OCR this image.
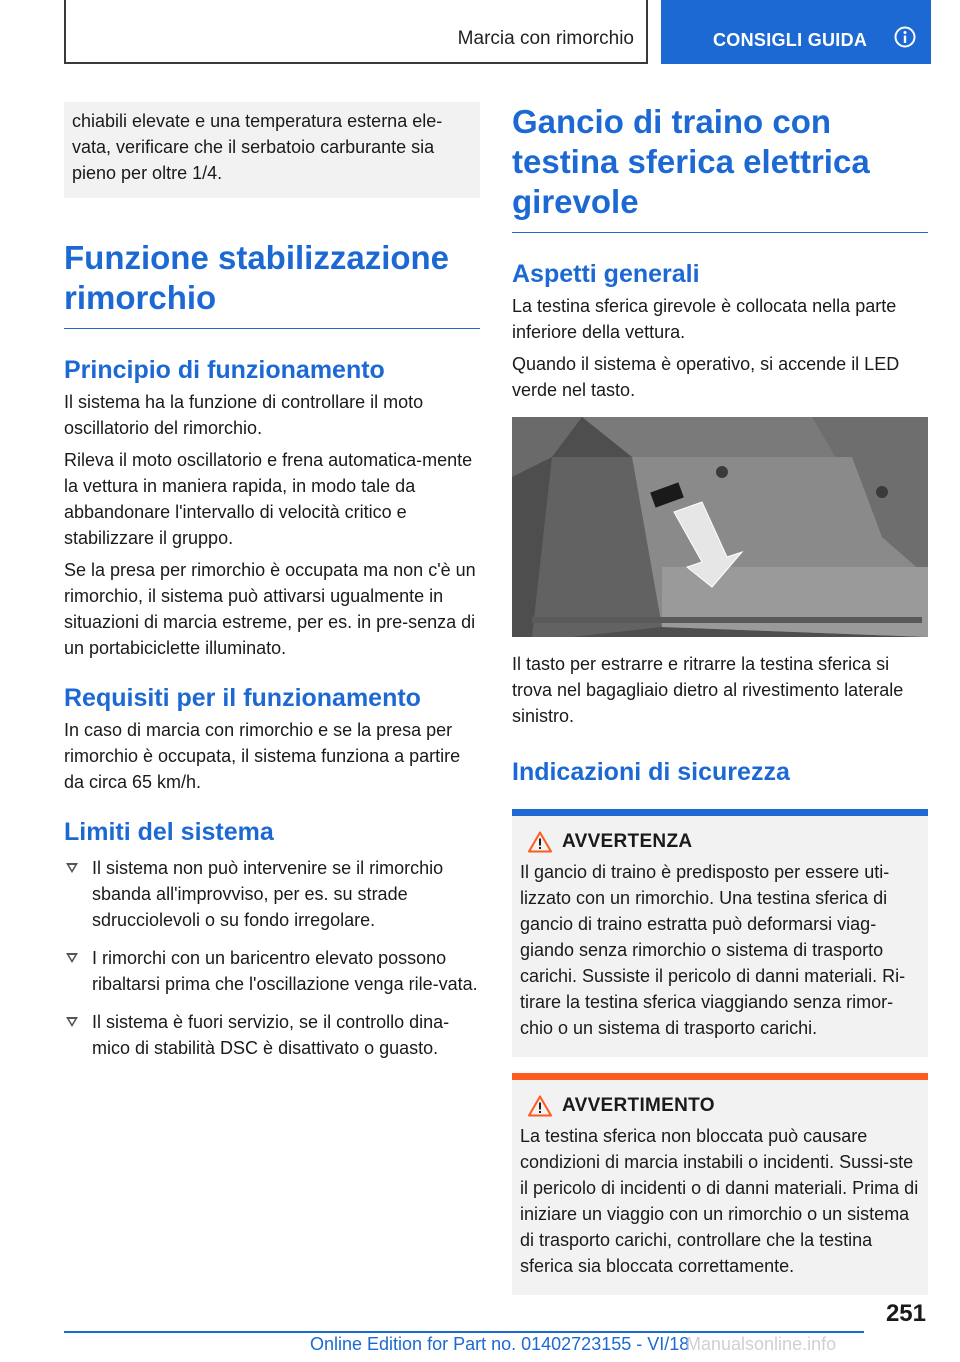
Marcia con rimorchio	CONSIGLI GUIDA

chiabili elevate e una temperatura esterna ele-vata, verificare che il serbatoio carburante sia pieno per oltre 1/4.

Funzione stabilizzazione rimorchio
Principio di funzionamento

Il sistema ha la funzione di controllare il moto oscillatorio del rimorchio.

Rileva il moto oscillatorio e frena automatica-mente la vettura in maniera rapida, in modo tale da abbandonare l'intervallo di velocità critico e stabilizzare il gruppo.

Se la presa per rimorchio è occupata ma non c'è un rimorchio, il sistema può attivarsi ugualmente in situazioni di marcia estreme, per es. in pre-senza di un portabiciclette illuminato.

Requisiti per il funzionamento

In caso di marcia con rimorchio e se la presa per rimorchio è occupata, il sistema funziona a partire da circa 65 km/h.

Limiti del sistema
Il sistema non può intervenire se il rimorchio sbanda all'improvviso, per es. su strade sdrucciolevoli o su fondo irregolare.
I rimorchi con un baricentro elevato possono ribaltarsi prima che l'oscillazione venga rile-vata.
Il sistema è fuori servizio, se il controllo dina-mico di stabilità DSC è disattivato o guasto.
Gancio di traino con testina sferica elettrica girevole
Aspetti generali

La testina sferica girevole è collocata nella parte inferiore della vettura.

Quando il sistema è operativo, si accende il LED verde nel tasto.

Il tasto per estrarre e ritrarre la testina sferica si trova nel bagagliaio dietro al rivestimento laterale sinistro.

Indicazioni di sicurezza
AVVERTENZA

Il gancio di traino è predisposto per essere uti-lizzato con un rimorchio. Una testina sferica di gancio di traino estratta può deformarsi viag-giando senza rimorchio o sistema di trasporto carichi. Sussiste il pericolo di danni materiali. Ri-tirare la testina sferica viaggiando senza rimor-chio o un sistema di trasporto carichi.

AVVERTIMENTO

La testina sferica non bloccata può causare condizioni di marcia instabili o incidenti. Sussi-ste il pericolo di incidenti o di danni materiali. Prima di iniziare un viaggio con un rimorchio o un sistema di trasporto carichi, controllare che la testina sferica sia bloccata correttamente.

251
Online Edition for Part no. 01402723155 - VI/18
Manualsonline.info
